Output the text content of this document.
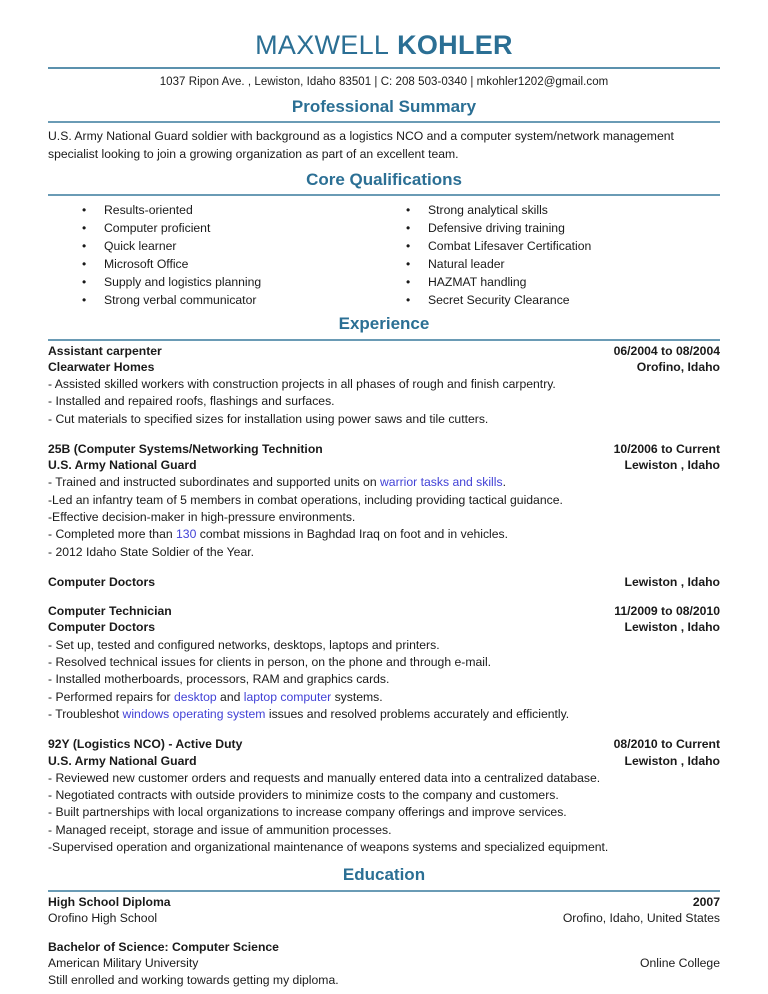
MAXWELL KOHLER
1037 Ripon Ave. , Lewiston, Idaho 83501 | C: 208 503-0340 | mkohler1202@gmail.com
Professional Summary
U.S. Army National Guard soldier with background as a logistics NCO and a computer system/network management specialist looking to join a growing organization as part of an excellent team.
Core Qualifications
• Results-oriented
• Computer proficient
• Quick learner
• Microsoft Office
• Supply and logistics planning
• Strong verbal communicator
• Strong analytical skills
• Defensive driving training
• Combat Lifesaver Certification
• Natural leader
• HAZMAT handling
• Secret Security Clearance
Experience
Assistant carpenter	06/2004 to 08/2004
Clearwater Homes	Orofino, Idaho
- Assisted skilled workers with construction projects in all phases of rough and finish carpentry.
- Installed and repaired roofs, flashings and surfaces.
- Cut materials to specified sizes for installation using power saws and tile cutters.
25B (Computer Systems/Networking Technition	10/2006 to Current
U.S. Army National Guard	Lewiston , Idaho
- Trained and instructed subordinates and supported units on warrior tasks and skills.
-Led an infantry team of 5 members in combat operations, including providing tactical guidance.
-Effective decision-maker in high-pressure environments.
- Completed more than 130 combat missions in Baghdad Iraq on foot and in vehicles.
- 2012 Idaho State Soldier of the Year.
Computer Doctors	Lewiston , Idaho
Computer Technician	11/2009 to 08/2010
Computer Doctors	Lewiston , Idaho
- Set up, tested and configured networks, desktops, laptops and printers.
- Resolved technical issues for clients in person, on the phone and through e-mail.
- Installed motherboards, processors, RAM and graphics cards.
- Performed repairs for desktop and laptop computer systems.
- Troubleshot windows operating system issues and resolved problems accurately and efficiently.
92Y (Logistics NCO) - Active Duty	08/2010 to Current
U.S. Army National Guard	Lewiston , Idaho
- Reviewed new customer orders and requests and manually entered data into a centralized database.
- Negotiated contracts with outside providers to minimize costs to the company and customers.
- Built partnerships with local organizations to increase company offerings and improve services.
- Managed receipt, storage and issue of ammunition processes.
-Supervised operation and organizational maintenance of weapons systems and specialized equipment.
Education
High School Diploma	2007
Orofino High School	Orofino, Idaho, United States
Bachelor of Science: Computer Science
American Military University	Online College
Still enrolled and working towards getting my diploma.
